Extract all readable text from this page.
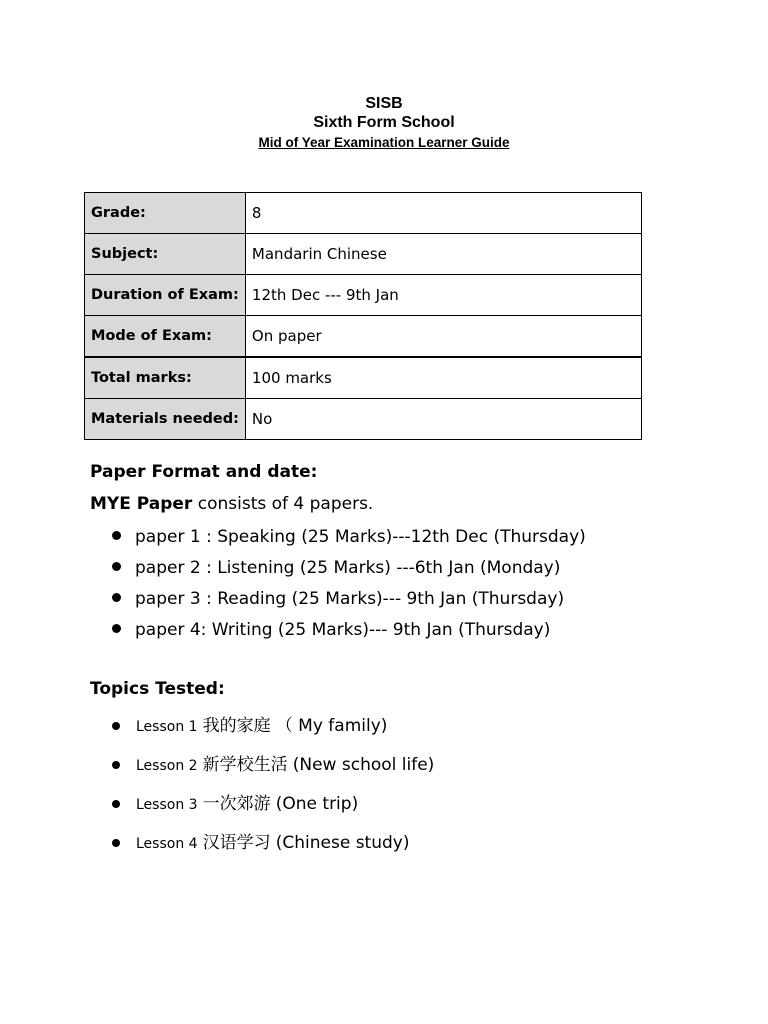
SISB
Sixth Form School
Mid of Year Examination Learner Guide
Grade:	8
Subject:	Mandarin Chinese
Duration of Exam:	12th Dec --- 9th Jan
Mode of Exam:	On paper
Total marks:	100 marks
Materials needed:	No
Paper Format and date:
MYE Paper consists of 4 papers.
paper 1 : Speaking (25 Marks)---12th Dec (Thursday)
paper 2 : Listening (25 Marks) ---6th Jan (Monday)
paper 3 : Reading (25 Marks)--- 9th Jan (Thursday)
paper 4: Writing (25 Marks)--- 9th Jan (Thursday)
Topics Tested:
Lesson 1 我的家庭 （ My family)
Lesson 2 新学校生活 (New school life)
Lesson 3 一次郊游 (One trip)
Lesson 4 汉语学习 (Chinese study)
